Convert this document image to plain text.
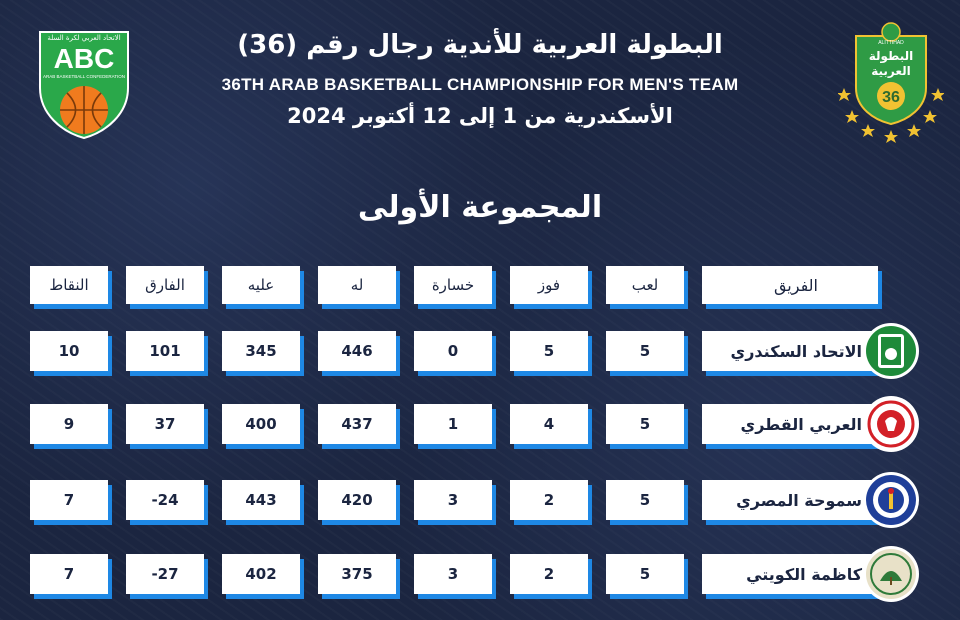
البطولة العربية للأندية رجال رقم (36)
36TH ARAB BASKETBALL CHAMPIONSHIP FOR MEN'S TEAM
الأسكندرية من 1 إلى 12 أكتوبر 2024
المجموعة الأولى
الاتحاد العربي لكرة السلة
ABC
ARAB BASKETBALL CONFEDERATION
ALITTIHAD
البطولة
العربية
36
الفريق
لعب
فوز
خسارة
له
عليه
الفارق
النقاط
الاتحاد السكندري
5
5
0
446
345
101
10
العربي القطري
5
4
1
437
400
37
9
سموحة المصري
5
2
3
420
443
-24
7
كاظمة الكويتي
5
2
3
375
402
-27
7
